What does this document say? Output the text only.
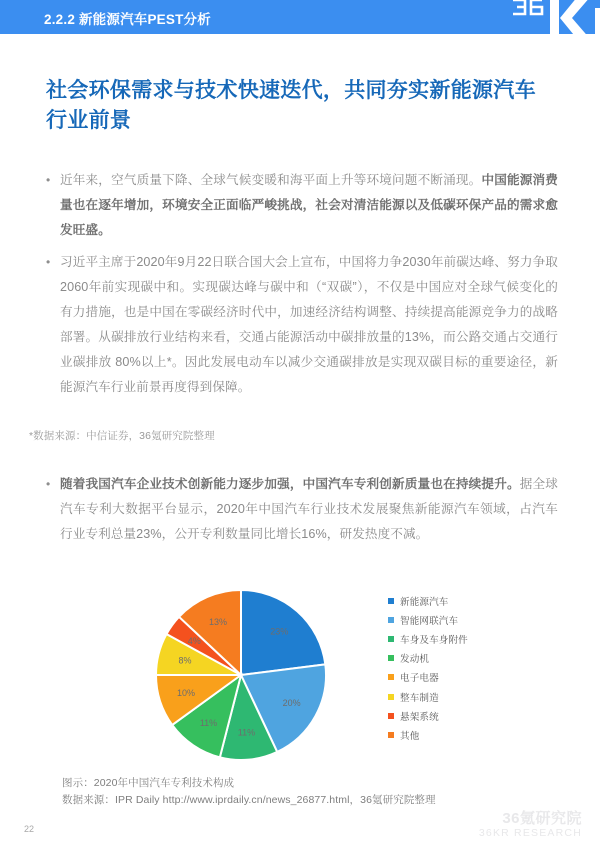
2.2.2 新能源汽车PEST分析
社会环保需求与技术快速迭代，共同夯实新能源汽车行业前景
• 近年来，空气质量下降、全球气候变暖和海平面上升等环境问题不断涌现。中国能源消费量也在逐年增加，环境安全正面临严峻挑战，社会对清洁能源以及低碳环保产品的需求愈发旺盛。
• 习近平主席于2020年9月22日联合国大会上宣布，中国将力争2030年前碳达峰、努力争取2060年前实现碳中和。实现碳达峰与碳中和（“双碳”），不仅是中国应对全球气候变化的有力措施，也是中国在零碳经济时代中，加速经济结构调整、持续提高能源竞争力的战略部署。从碳排放行业结构来看，交通占能源活动中碳排放量的13%，而公路交通占交通行业碳排放 80%以上*。因此发展电动车以减少交通碳排放是实现双碳目标的重要途径，新能源汽车行业前景再度得到保障。
*数据来源：中信证券，36氪研究院整理
• 随着我国汽车企业技术创新能力逐步加强，中国汽车专利创新质量也在持续提升。据全球汽车专利大数据平台显示，2020年中国汽车行业技术发展聚焦新能源汽车领域，占汽车行业专利总量23%，公开专利数量同比增长16%，研发热度不减。
23%
20%
11%
11%
10%
8%
4%
13%
新能源汽车
智能网联汽车
车身及车身附件
发动机
电子电器
整车制造
悬架系统
其他
图示：2020年中国汽车专利技术构成
数据来源：IPR Daily http://www.iprdaily.cn/news_26877.html，36氪研究院整理
22
36氪研究院
36KR RESEARCH
